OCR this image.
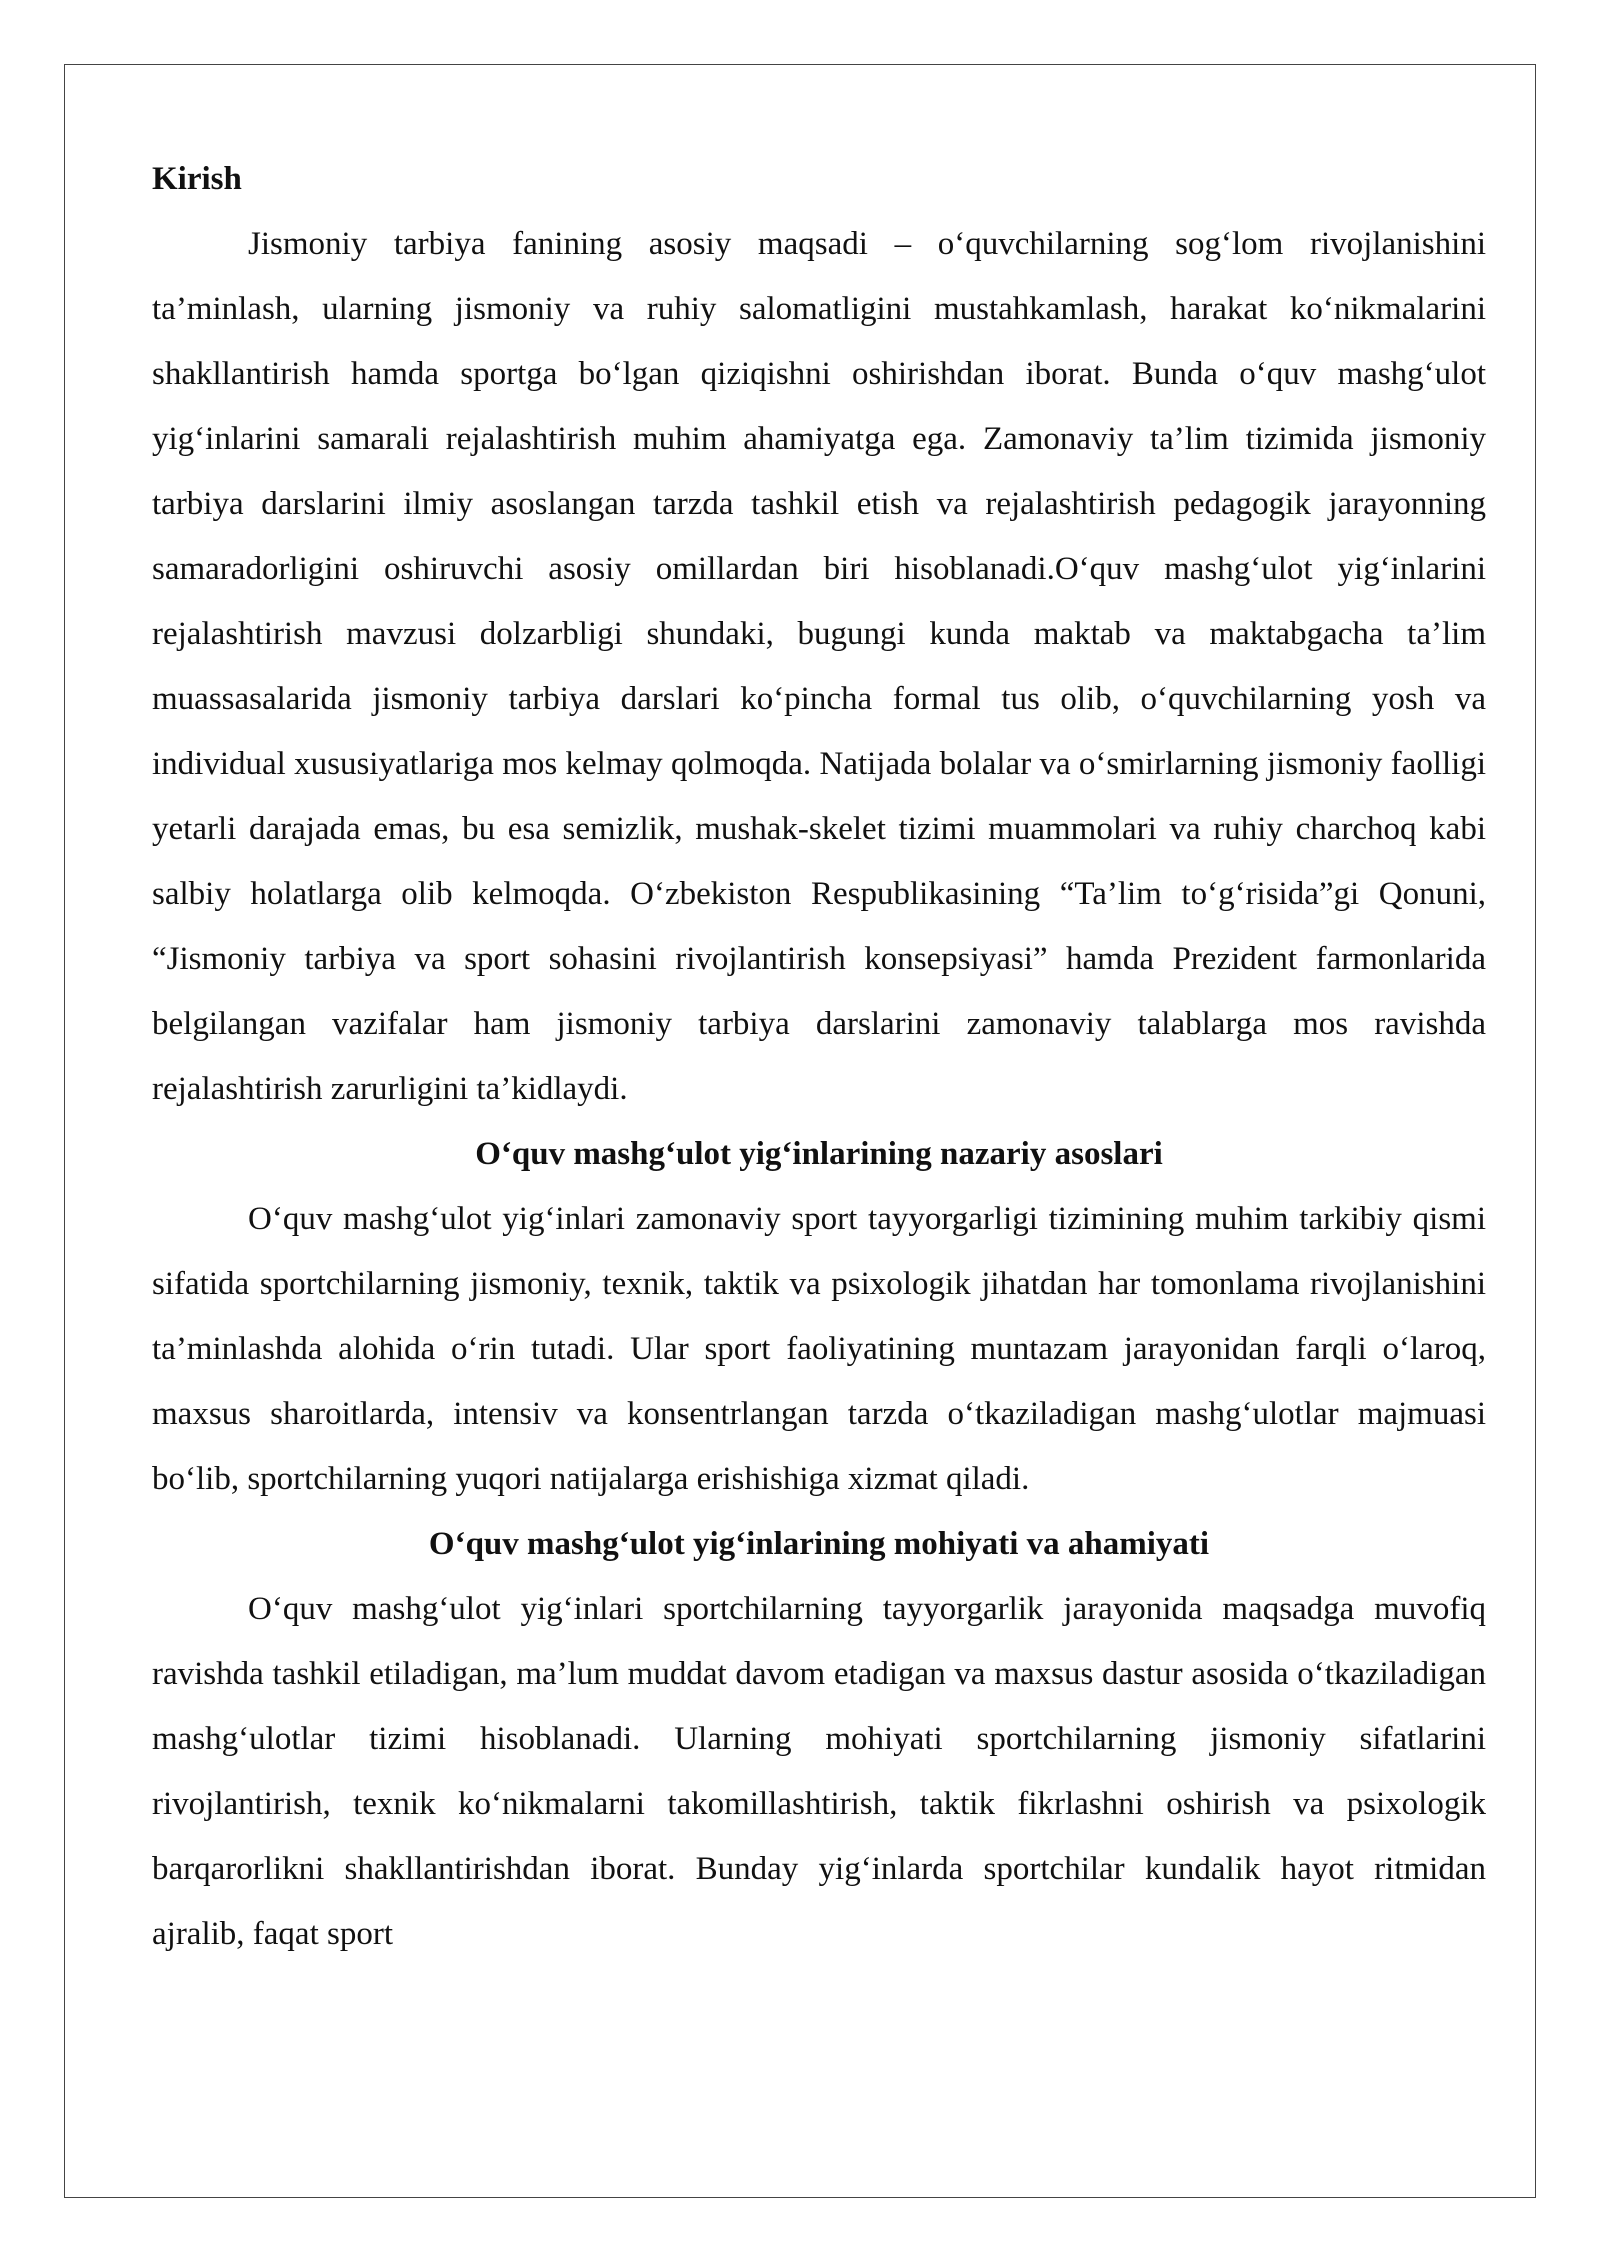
Kirish

Jismoniy tarbiya fanining asosiy maqsadi – o‘quvchilarning sog‘lom rivojlanishini ta’minlash, ularning jismoniy va ruhiy salomatligini mustahkamlash, harakat ko‘nikmalarini shakllantirish hamda sportga bo‘lgan qiziqishni oshirishdan iborat. Bunda o‘quv mashg‘ulot yig‘inlarini samarali rejalashtirish muhim ahamiyatga ega. Zamonaviy ta’lim tizimida jismoniy tarbiya darslarini ilmiy asoslangan tarzda tashkil etish va rejalashtirish pedagogik jarayonning samaradorligini oshiruvchi asosiy omillardan biri hisoblanadi.O‘quv mashg‘ulot yig‘inlarini rejalashtirish mavzusi dolzarbligi shundaki, bugungi kunda maktab va maktabgacha ta’lim muassasalarida jismoniy tarbiya darslari ko‘pincha formal tus olib, o‘quvchilarning yosh va individual xususiyatlariga mos kelmay qolmoqda. Natijada bolalar va o‘smirlarning jismoniy faolligi yetarli darajada emas, bu esa semizlik, mushak-skelet tizimi muammolari va ruhiy charchoq kabi salbiy holatlarga olib kelmoqda. O‘zbekiston Respublikasining “Ta’lim to‘g‘risida”gi Qonuni, “Jismoniy tarbiya va sport sohasini rivojlantirish konsepsiyasi” hamda Prezident farmonlarida belgilangan vazifalar ham jismoniy tarbiya darslarini zamonaviy talablarga mos ravishda rejalashtirish zarurligini ta’kidlaydi.

O‘quv mashg‘ulot yig‘inlarining nazariy asoslari

O‘quv mashg‘ulot yig‘inlari zamonaviy sport tayyorgarligi tizimining muhim tarkibiy qismi sifatida sportchilarning jismoniy, texnik, taktik va psixologik jihatdan har tomonlama rivojlanishini ta’minlashda alohida o‘rin tutadi. Ular sport faoliyatining muntazam jarayonidan farqli o‘laroq, maxsus sharoitlarda, intensiv va konsentrlangan tarzda o‘tkaziladigan mashg‘ulotlar majmuasi bo‘lib, sportchilarning yuqori natijalarga erishishiga xizmat qiladi.

O‘quv mashg‘ulot yig‘inlarining mohiyati va ahamiyati

O‘quv mashg‘ulot yig‘inlari sportchilarning tayyorgarlik jarayonida maqsadga muvofiq ravishda tashkil etiladigan, ma’lum muddat davom etadigan va maxsus dastur asosida o‘tkaziladigan mashg‘ulotlar tizimi hisoblanadi. Ularning mohiyati sportchilarning jismoniy sifatlarini rivojlantirish, texnik ko‘nikmalarni takomillashtirish, taktik fikrlashni oshirish va psixologik barqarorlikni shakllantirishdan iborat. Bunday yig‘inlarda sportchilar kundalik hayot ritmidan ajralib, faqat sport
